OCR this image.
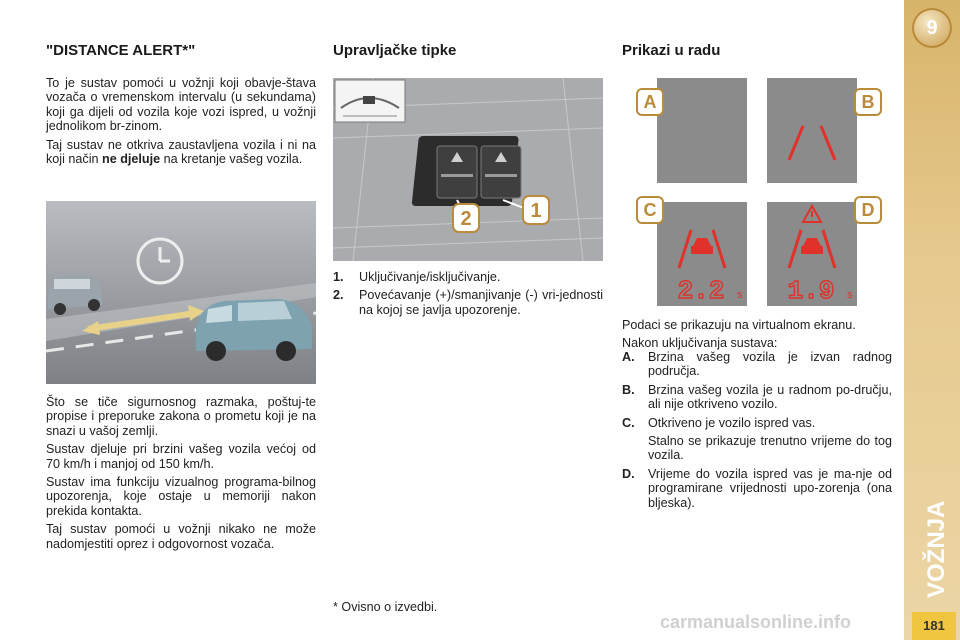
"DISTANCE ALERT*"

To je sustav pomoći u vožnji koji obavje-štava vozača o vremenskom intervalu (u sekundama) koji ga dijeli od vozila koje vozi ispred, u vožnji jednolikom br-zinom.

Taj sustav ne otkriva zaustavljena vozila i ni na koji način ne djeluje na kretanje vašeg vozila.

Što se tiče sigurnosnog razmaka, poštuj-te propise i preporuke zakona o prometu koji je na snazi u vašoj zemlji.

Sustav djeluje pri brzini vašeg vozila većoj od 70 km/h i manjoj od 150 km/h.

Sustav ima funkciju vizualnog programa-bilnog upozorenja, koje ostaje u memoriji nakon prekida kontakta.

Taj sustav pomoći u vožnji nikako ne može nadomjestiti oprez i odgovornost vozača.

Upravljačke tipke
2	1
1.	Uključivanje/isključivanje.
2.	Povećavanje (+)/smanjivanje (-) vri-jednosti na kojoj se javlja upozorenje.
* Ovisno o izvedbi.
Prikazi u radu
A	B
2.2 s
C
1.9 s
D

Podaci se prikazuju na virtualnom ekranu.

Nakon uključivanja sustava:

A.	Brzina vašeg vozila je izvan radnog područja.
B.	Brzina vašeg vozila je u radnom po-dručju, ali nije otkriveno vozilo.
C.	Otkriveno je vozilo ispred vas.
Stalno se prikazuje trenutno vrijeme do tog vozila.
D.	Vrijeme do vozila ispred vas je ma-nje od programirane vrijednosti upo-zorenja (ona bljeska).
9
VOŽNJA
181
carmanualsonline.info
